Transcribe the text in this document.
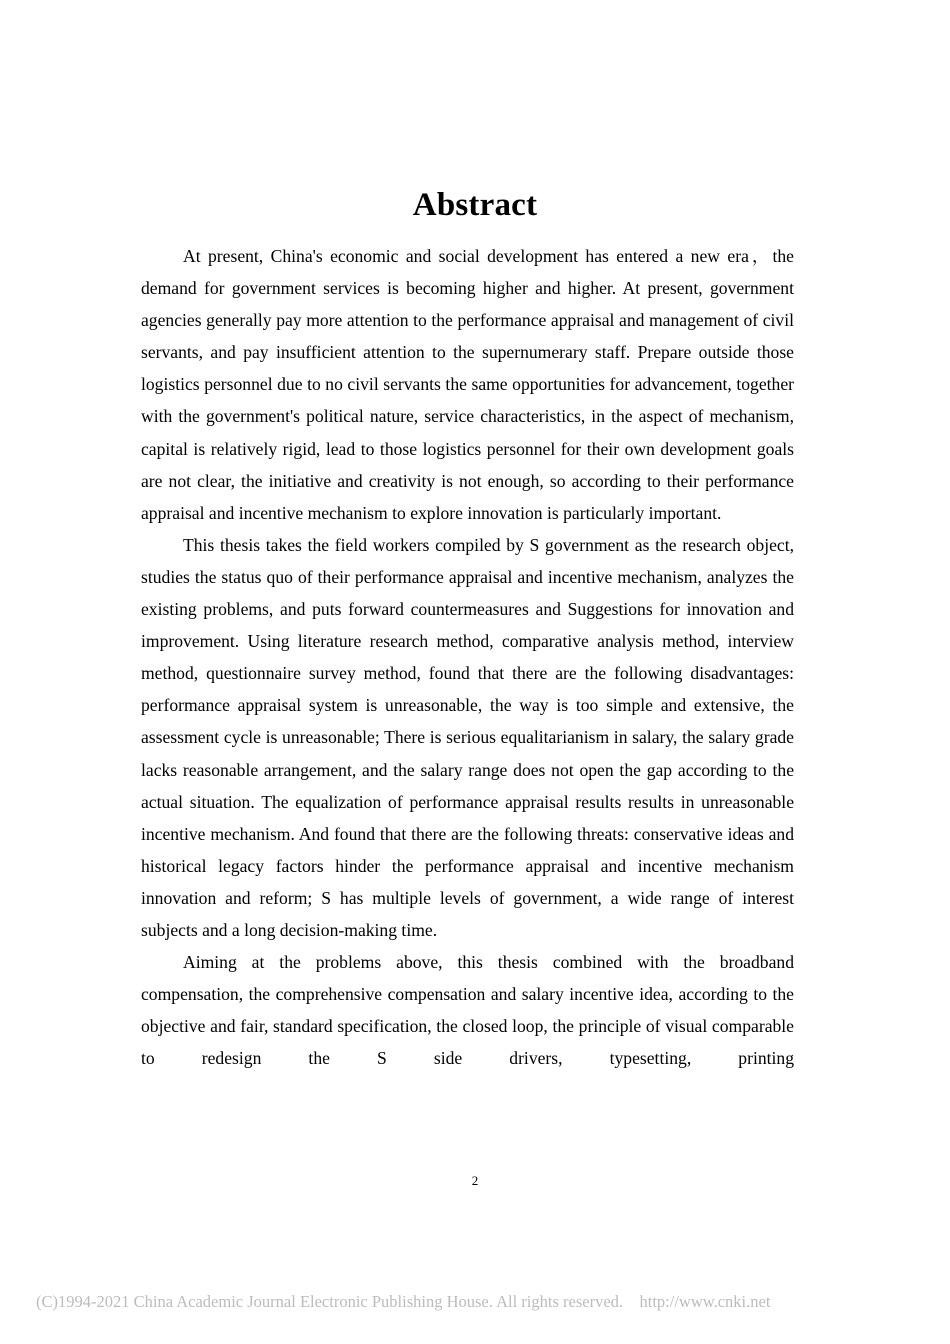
Abstract

At present, China's economic and social development has entered a new era，the demand for government services is becoming higher and higher. At present, government agencies generally pay more attention to the performance appraisal and management of civil servants, and pay insufficient attention to the supernumerary staff. Prepare outside those logistics personnel due to no civil servants the same opportunities for advancement, together with the government's political nature, service characteristics, in the aspect of mechanism, capital is relatively rigid, lead to those logistics personnel for their own development goals are not clear, the initiative and creativity is not enough, so according to their performance appraisal and incentive mechanism to explore innovation is particularly important.

This thesis takes the field workers compiled by S government as the research object, studies the status quo of their performance appraisal and incentive mechanism, analyzes the existing problems, and puts forward countermeasures and Suggestions for innovation and improvement. Using literature research method, comparative analysis method, interview method, questionnaire survey method, found that there are the following disadvantages: performance appraisal system is unreasonable, the way is too simple and extensive, the assessment cycle is unreasonable; There is serious equalitarianism in salary, the salary grade lacks reasonable arrangement, and the salary range does not open the gap according to the actual situation. The equalization of performance appraisal results results in unreasonable incentive mechanism. And found that there are the following threats: conservative ideas and historical legacy factors hinder the performance appraisal and incentive mechanism innovation and reform; S has multiple levels of government, a wide range of interest subjects and a long decision-making time.

Aiming at the problems above, this thesis combined with the broadband compensation, the comprehensive compensation and salary incentive idea, according to the objective and fair, standard specification, the closed loop, the principle of visual comparable to redesign the S side drivers, typesetting, printing

2
(C)1994-2021 China Academic Journal Electronic Publishing House. All rights reserved.    http://www.cnki.net
